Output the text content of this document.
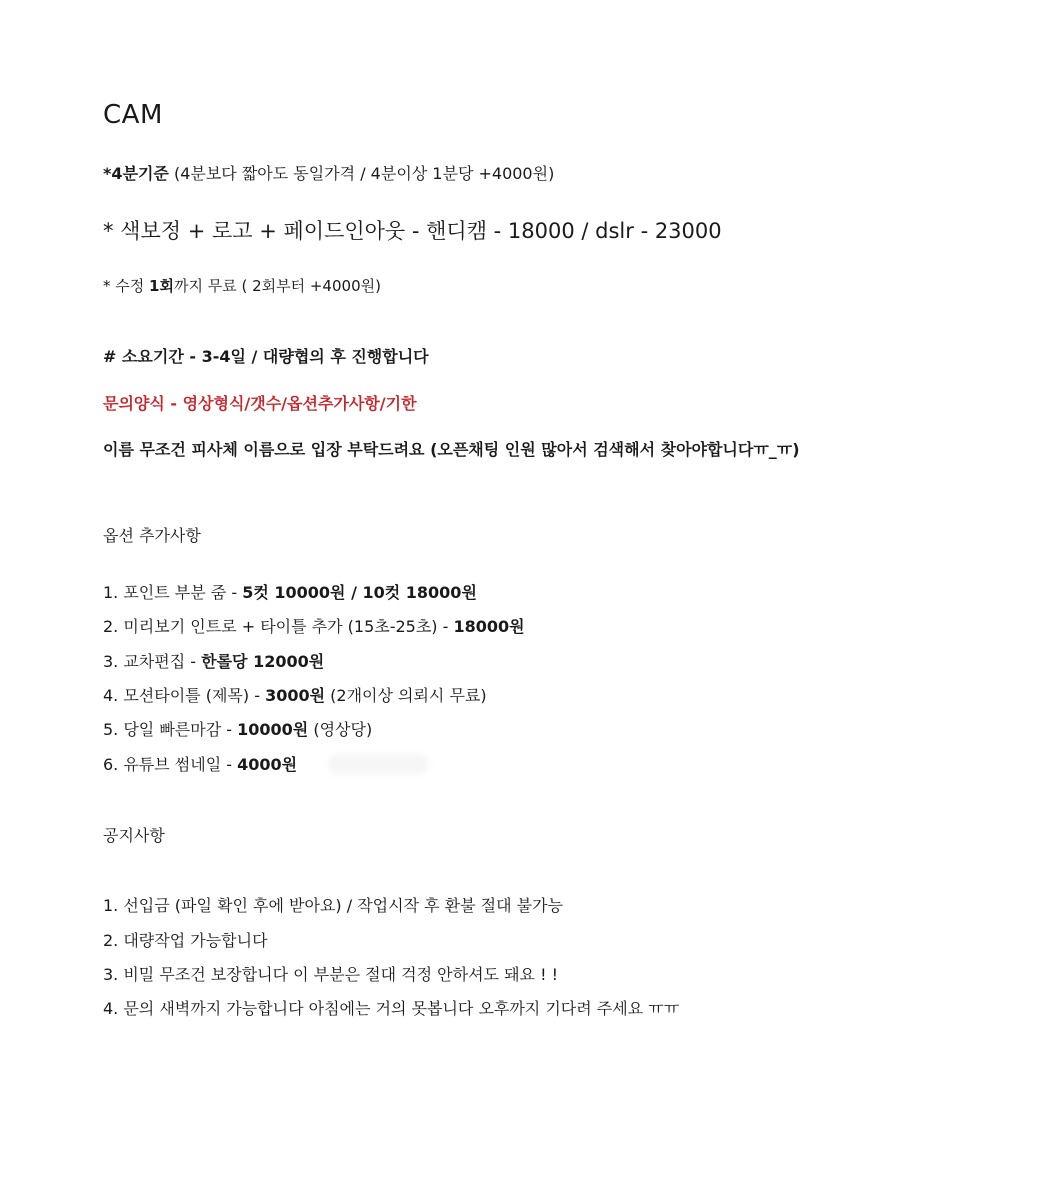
CAM
*4분기준 (4분보다 짧아도 동일가격 / 4분이상 1분당 +4000원)
* 색보정 + 로고 + 페이드인아웃 - 핸디캠 - 18000 / dslr - 23000
* 수정 1회까지 무료 ( 2회부터 +4000원)
# 소요기간 - 3-4일 / 대량협의 후 진행합니다
문의양식 - 영상형식/갯수/옵션추가사항/기한
이름 무조건 피사체 이름으로 입장 부탁드려요 (오픈채팅 인원 많아서 검색해서 찾아야합니다ㅠ_ㅠ)
옵션 추가사항
1. 포인트 부분 줌 - 5컷 10000원 / 10컷 18000원
2. 미리보기 인트로 + 타이틀 추가 (15초-25초) - 18000원
3. 교차편집 - 한롤당 12000원
4. 모션타이틀 (제목) - 3000원 (2개이상 의뢰시 무료)
5. 당일 빠른마감 - 10000원 (영상당)
6. 유튜브 썸네일 - 4000원
공지사항
1. 선입금 (파일 확인 후에 받아요) / 작업시작 후 환불 절대 불가능
2. 대량작업 가능합니다
3. 비밀 무조건 보장합니다 이 부분은 절대 걱정 안하셔도 돼요 ! !
4. 문의 새벽까지 가능합니다 아침에는 거의 못봅니다 오후까지 기다려 주세요 ㅠㅠ
